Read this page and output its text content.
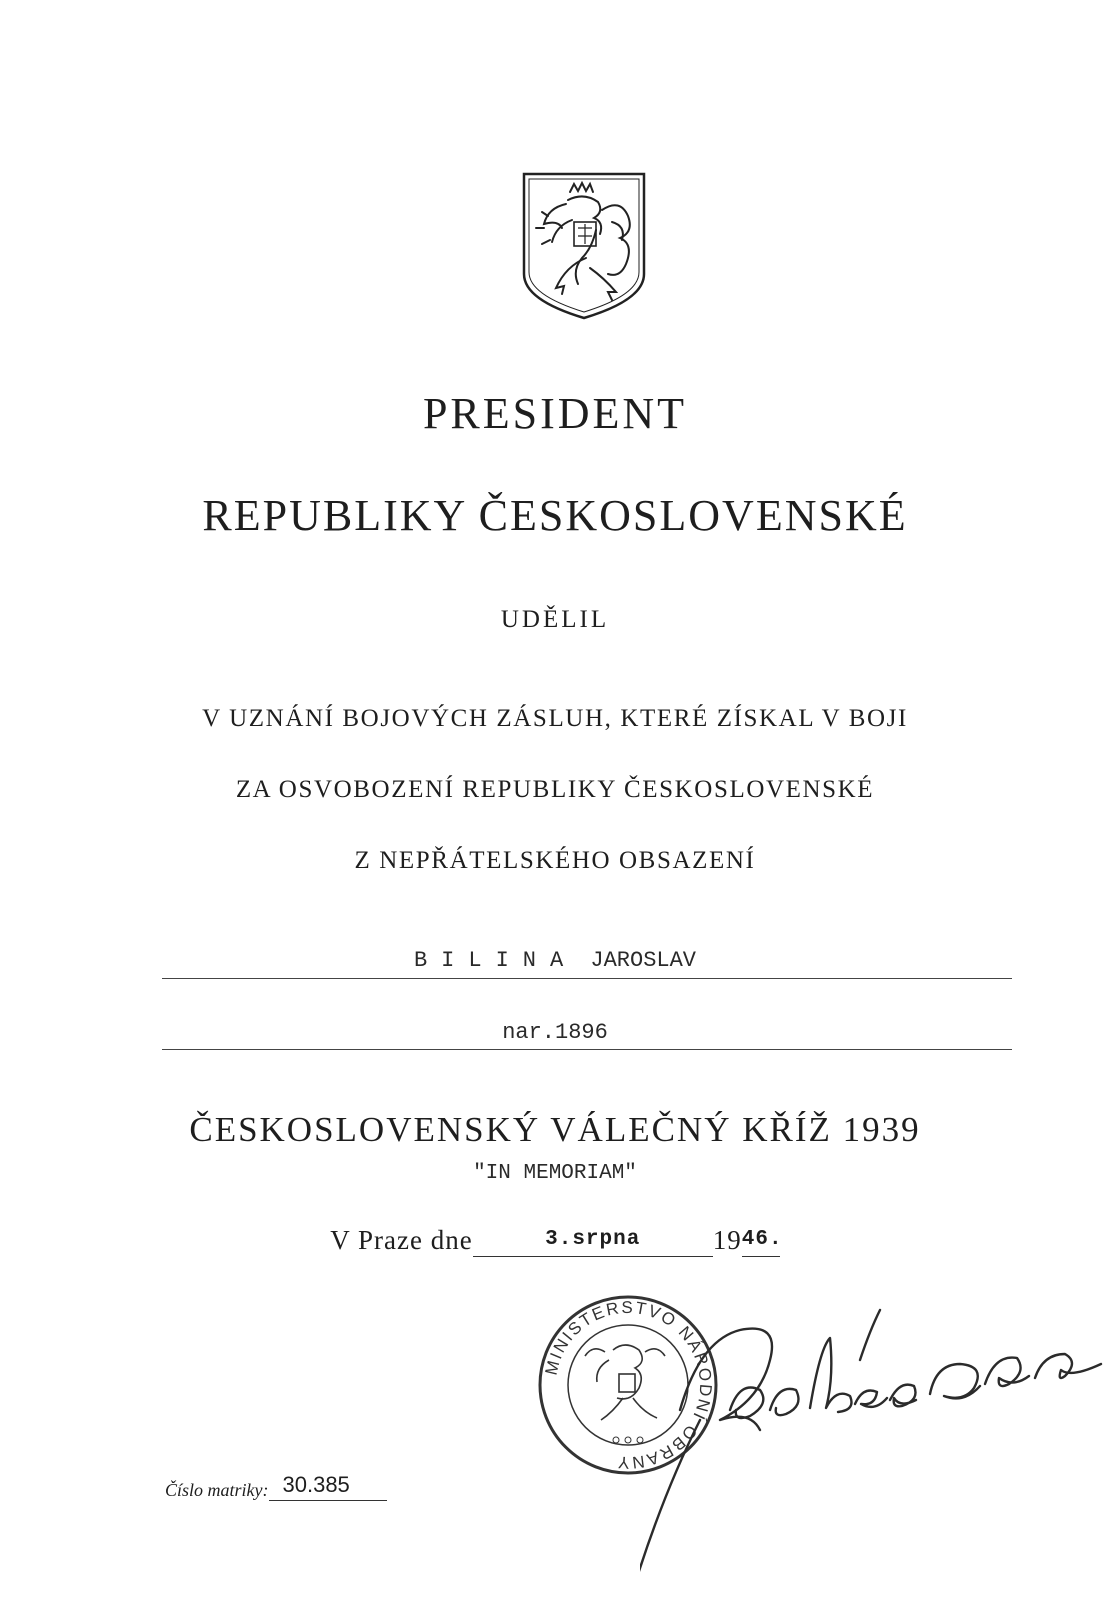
PRESIDENT
REPUBLIKY ČESKOSLOVENSKÉ
UDĚLIL
V UZNÁNÍ BOJOVÝCH ZÁSLUH, KTERÉ ZÍSKAL V BOJI
ZA OSVOBOZENÍ REPUBLIKY ČESKOSLOVENSKÉ
Z NEPŘÁTELSKÉHO OBSAZENÍ
BILINA JAROSLAV
nar.1896
ČESKOSLOVENSKÝ VÁLEČNÝ KŘÍŽ 1939
"IN MEMORIAM"
V Praze dne	3.srpna	19 46.

Číslo matriky: 30.385
MINISTERSTVO NÁRODNÍ OBRANY
